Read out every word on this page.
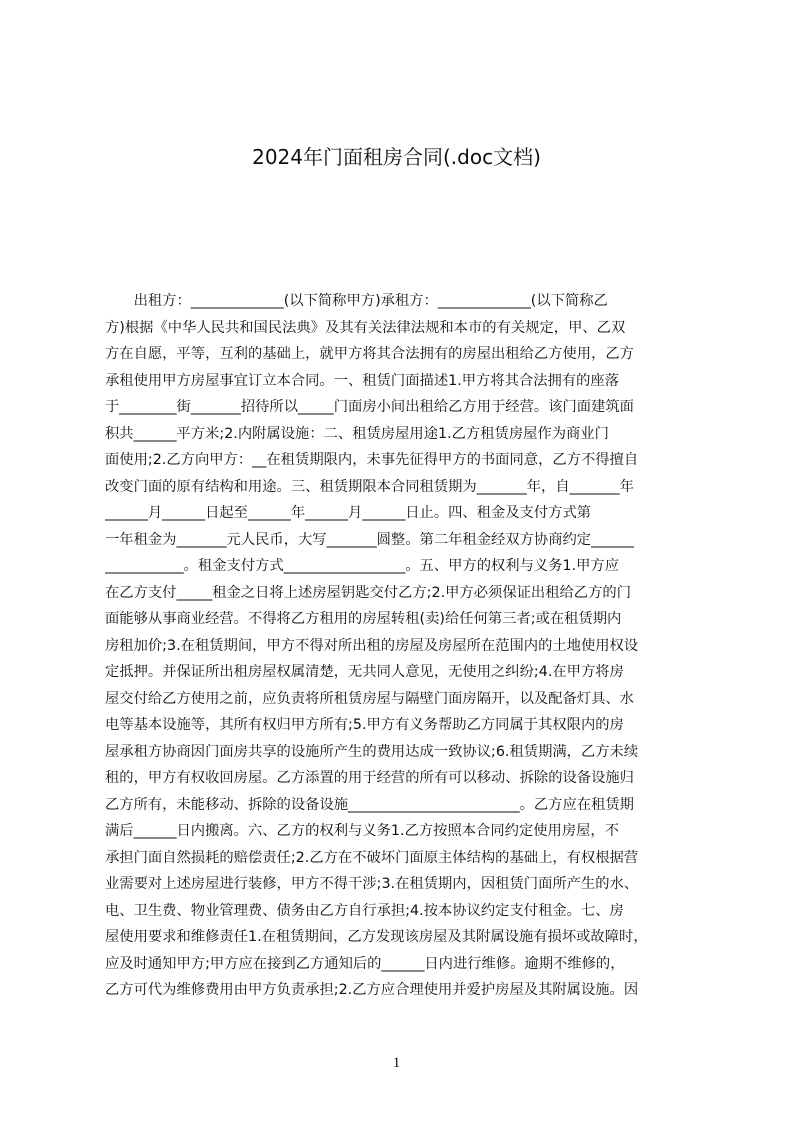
2024年门面租房合同(.doc文档)
　　出租方：_____________(以下简称甲方)承租方：_____________(以下简称乙
方)根据《中华人民共和国民法典》及其有关法律法规和本市的有关规定，甲、乙双
方在自愿，平等，互利的基础上，就甲方将其合法拥有的房屋出租给乙方使用，乙方
承租使用甲方房屋事宜订立本合同。一、租赁门面描述1.甲方将其合法拥有的座落
于________街_______招待所以_____门面房小间出租给乙方用于经营。该门面建筑面
积共______平方米;2.内附属设施：二、租赁房屋用途1.乙方租赁房屋作为商业门
面使用;2.乙方向甲方：__在租赁期限内，未事先征得甲方的书面同意，乙方不得擅自
改变门面的原有结构和用途。三、租赁期限本合同租赁期为_______年，自_______年
______月______日起至______年______月______日止。四、租金及支付方式第
一年租金为_______元人民币，大写_______圆整。第二年租金经双方协商约定______
___________。租金支付方式_________________。五、甲方的权利与义务1.甲方应
在乙方支付_____租金之日将上述房屋钥匙交付乙方;2.甲方必须保证出租给乙方的门
面能够从事商业经营。不得将乙方租用的房屋转租(卖)给任何第三者;或在租赁期内
房租加价;3.在租赁期间，甲方不得对所出租的房屋及房屋所在范围内的土地使用权设
定抵押。并保证所出租房屋权属清楚，无共同人意见，无使用之纠纷;4.在甲方将房
屋交付给乙方使用之前，应负责将所租赁房屋与隔壁门面房隔开，以及配备灯具、水
电等基本设施等，其所有权归甲方所有;5.甲方有义务帮助乙方同属于其权限内的房
屋承租方协商因门面房共享的设施所产生的费用达成一致协议;6.租赁期满，乙方未续
租的，甲方有权收回房屋。乙方添置的用于经营的所有可以移动、拆除的设备设施归
乙方所有，未能移动、拆除的设备设施________________________。乙方应在租赁期
满后______日内搬离。六、乙方的权利与义务1.乙方按照本合同约定使用房屋，不
承担门面自然损耗的赔偿责任;2.乙方在不破坏门面原主体结构的基础上，有权根据营
业需要对上述房屋进行装修，甲方不得干涉;3.在租赁期内，因租赁门面所产生的水、
电、卫生费、物业管理费、债务由乙方自行承担;4.按本协议约定支付租金。七、房
屋使用要求和维修责任1.在租赁期间，乙方发现该房屋及其附属设施有损坏或故障时，
应及时通知甲方;甲方应在接到乙方通知后的______日内进行维修。逾期不维修的，
乙方可代为维修费用由甲方负责承担;2.乙方应合理使用并爱护房屋及其附属设施。因
1
